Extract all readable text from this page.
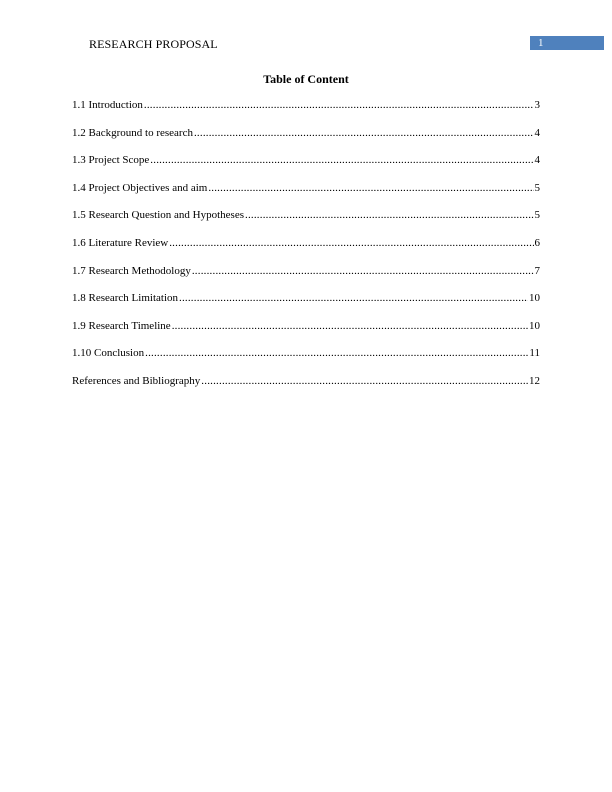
RESEARCH PROPOSAL	1
Table of Content
1.1 Introduction .....	3
1.2 Background to research .....	4
1.3 Project Scope .....	4
1.4 Project Objectives and aim .....	5
1.5 Research Question and Hypotheses .....	5
1.6 Literature Review .....	6
1.7 Research Methodology .....	7
1.8 Research Limitation .....	10
1.9 Research Timeline .....	10
1.10 Conclusion .....	11
References and Bibliography .....	12
